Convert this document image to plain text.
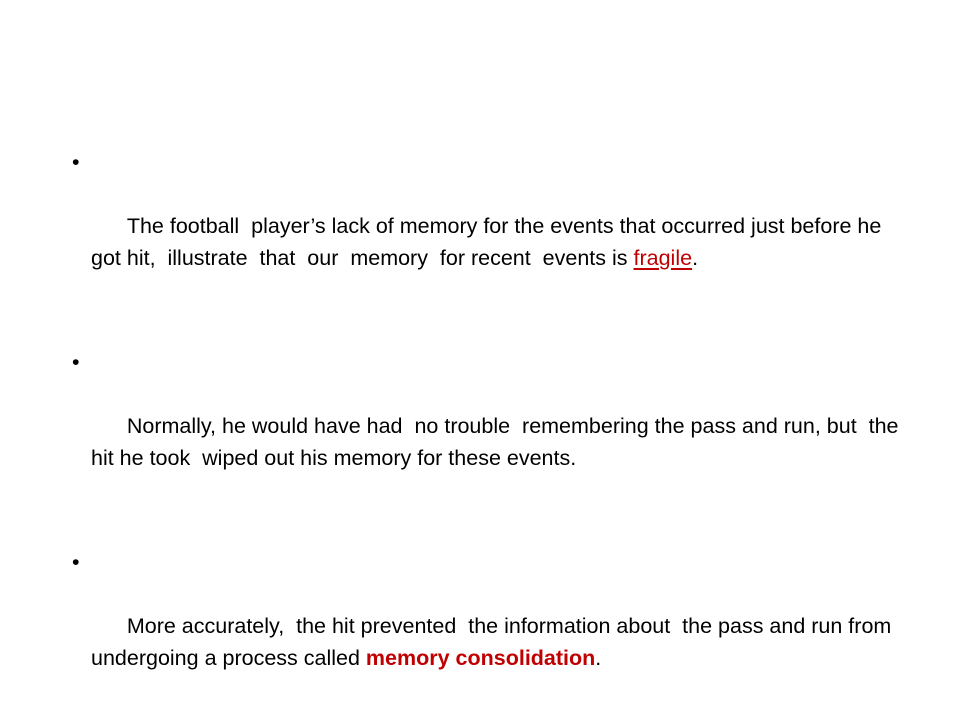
•

The football  player’s lack of memory for the events that occurred just before he got hit,  illustrate  that  our  memory  for recent  events is fragile.

•

Normally, he would have had  no trouble  remembering the pass and run, but  the hit he took  wiped out his memory for these events.

•

More accurately,  the hit prevented  the information about  the pass and run from undergoing a process called memory consolidation.
